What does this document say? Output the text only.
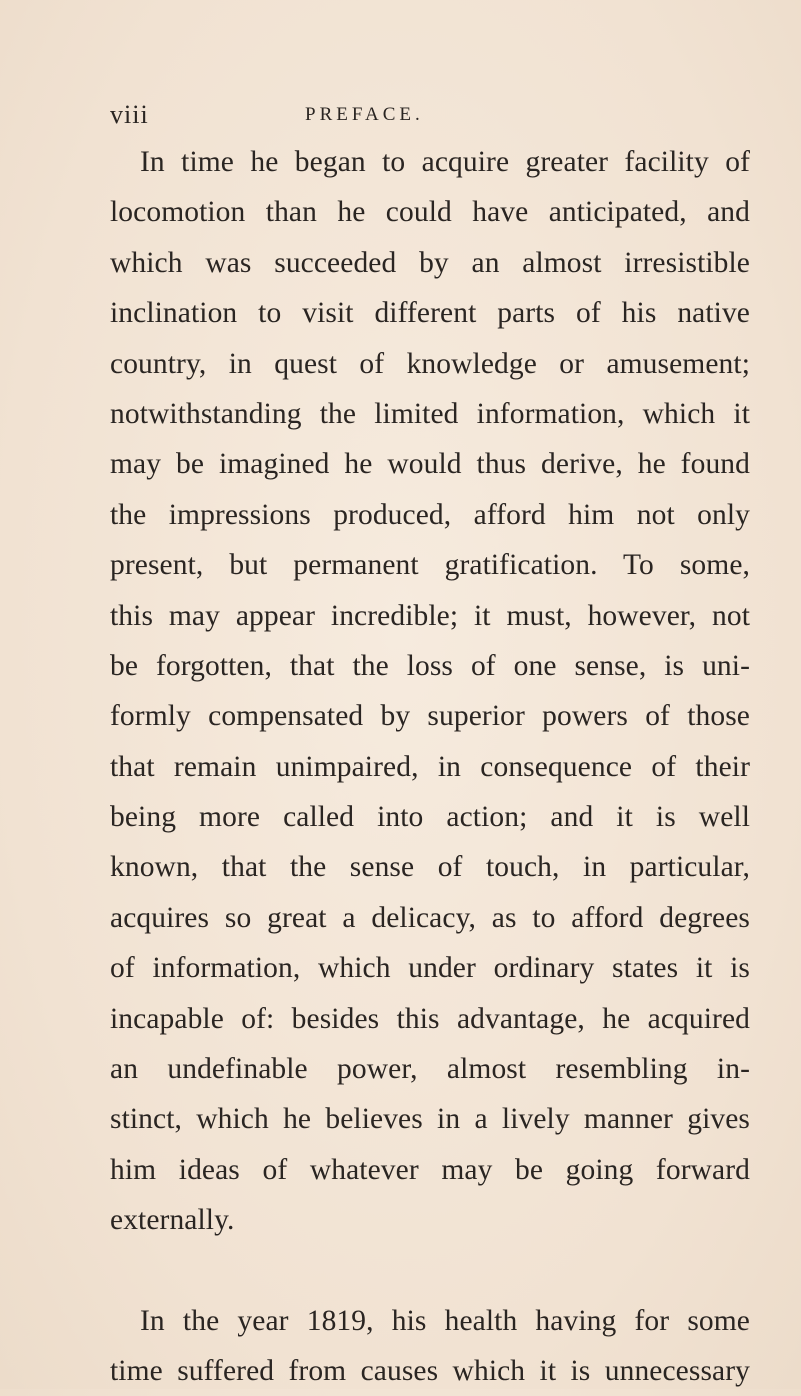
viii	PREFACE.
In time he began to acquire greater facility of
locomotion than he could have anticipated, and
which was succeeded by an almost irresistible
inclination to visit different parts of his native
country, in quest of knowledge or amusement;
notwithstanding the limited information, which it
may be imagined he would thus derive, he found
the impressions produced, afford him not only
present, but permanent gratification. To some,
this may appear incredible; it must, however, not
be forgotten, that the loss of one sense, is uni-
formly compensated by superior powers of those
that remain unimpaired, in consequence of their
being more called into action; and it is well
known, that the sense of touch, in particular,
acquires so great a delicacy, as to afford degrees
of information, which under ordinary states it is
incapable of: besides this advantage, he acquired
an undefinable power, almost resembling in-
stinct, which he believes in a lively manner gives
him ideas of whatever may be going forward
externally.
In the year 1819, his health having for some
time suffered from causes which it is unnecessary
